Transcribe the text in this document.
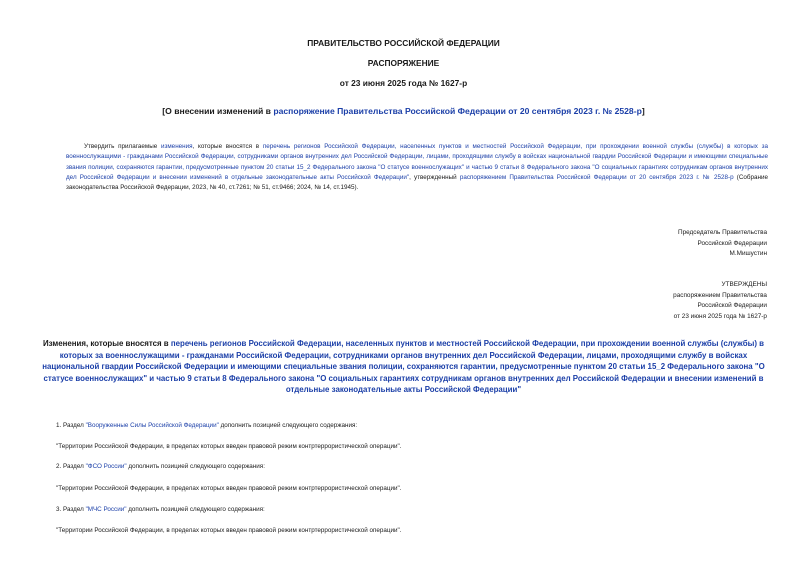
ПРАВИТЕЛЬСТВО РОССИЙСКОЙ ФЕДЕРАЦИИ
РАСПОРЯЖЕНИЕ
от 23 июня 2025 года № 1627-р
[О внесении изменений в распоряжение Правительства Российской Федерации от 20 сентября 2023 г. № 2528-р]
Утвердить прилагаемые изменения, которые вносятся в перечень регионов Российской Федерации, населенных пунктов и местностей Российской Федерации, при прохождении военной службы (службы) в которых за военнослужащими - гражданами Российской Федерации, сотрудниками органов внутренних дел Российской Федерации, лицами, проходящими службу в войсках национальной гвардии Российской Федерации и имеющими специальные звания полиции, сохраняются гарантии, предусмотренные пунктом 20 статьи 15_2 Федерального закона "О статусе военнослужащих" и частью 9 статьи 8 Федерального закона "О социальных гарантиях сотрудникам органов внутренних дел Российской Федерации и внесении изменений в отдельные законодательные акты Российской Федерации", утвержденный распоряжением Правительства Российской Федерации от 20 сентября 2023 г. № 2528-р (Собрание законодательства Российской Федерации, 2023, № 40, ст.7261; № 51, ст.9466; 2024, № 14, ст.1945).
Председатель Правительства
Российской Федерации
М.Мишустин
УТВЕРЖДЕНЫ
распоряжением Правительства
Российской Федерации
от 23 июня 2025 года № 1627-р
Изменения, которые вносятся в перечень регионов Российской Федерации, населенных пунктов и местностей Российской Федерации, при прохождении военной службы (службы) в которых за военнослужащими - гражданами Российской Федерации, сотрудниками органов внутренних дел Российской Федерации, лицами, проходящими службу в войсках национальной гвардии Российской Федерации и имеющими специальные звания полиции, сохраняются гарантии, предусмотренные пунктом 20 статьи 15_2 Федерального закона "О статусе военнослужащих" и частью 9 статьи 8 Федерального закона "О социальных гарантиях сотрудникам органов внутренних дел Российской Федерации и внесении изменений в отдельные законодательные акты Российской Федерации"
1. Раздел "Вооруженные Силы Российской Федерации" дополнить позицией следующего содержания:
"Территории Российской Федерации, в пределах которых введен правовой режим контртеррористической операции".
2. Раздел "ФСО России" дополнить позицией следующего содержания:
"Территории Российской Федерации, в пределах которых введен правовой режим контртеррористической операции".
3. Раздел "МЧС России" дополнить позицией следующего содержания:
"Территории Российской Федерации, в пределах которых введен правовой режим контртеррористической операции".
